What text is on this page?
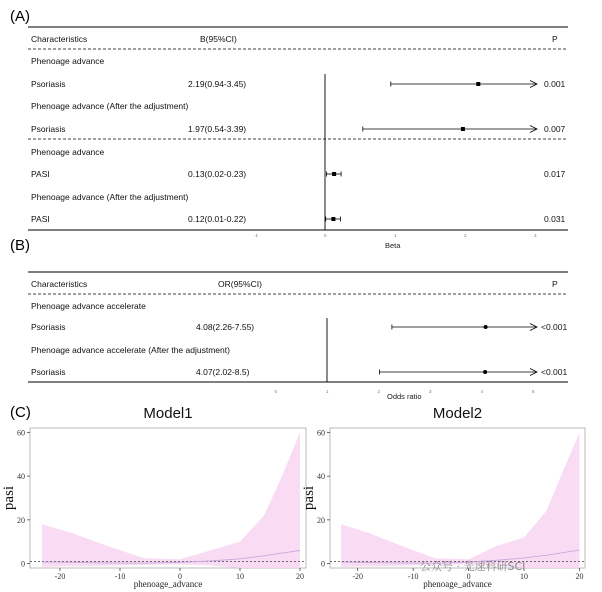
(A)
Characteristics	B(95%CI)	P
Phenoage advance
Psoriasis	2.19(0.94-3.45)	0.001
Phenoage advance (After the adjustment)
Psoriasis	1.97(0.54-3.39)	0.007
Phenoage advance
PASI	0.13(0.02-0.23)	0.017
Phenoage advance (After the adjustment)
PASI	0.12(0.01-0.22)	0.031
-1	0	1	2	3
Beta
(B)
Characteristics	OR(95%CI)	P
Phenoage advance accelerate
Psoriasis	4.08(2.26-7.55)	<0.001
Phenoage advance accelerate (After the adjustment)
Psoriasis	4.07(2.02-8.5)	<0.001
0	1	2	3	4	5
Odds ratio
(C)	Model1
-20	-10	0	10	20
0
20
40
60
phenoage_advance
pasi
Model2
-20	-10	0	10	20
0
20
40
60
phenoage_advance
pasi
公众号 · 光速科研SCI
